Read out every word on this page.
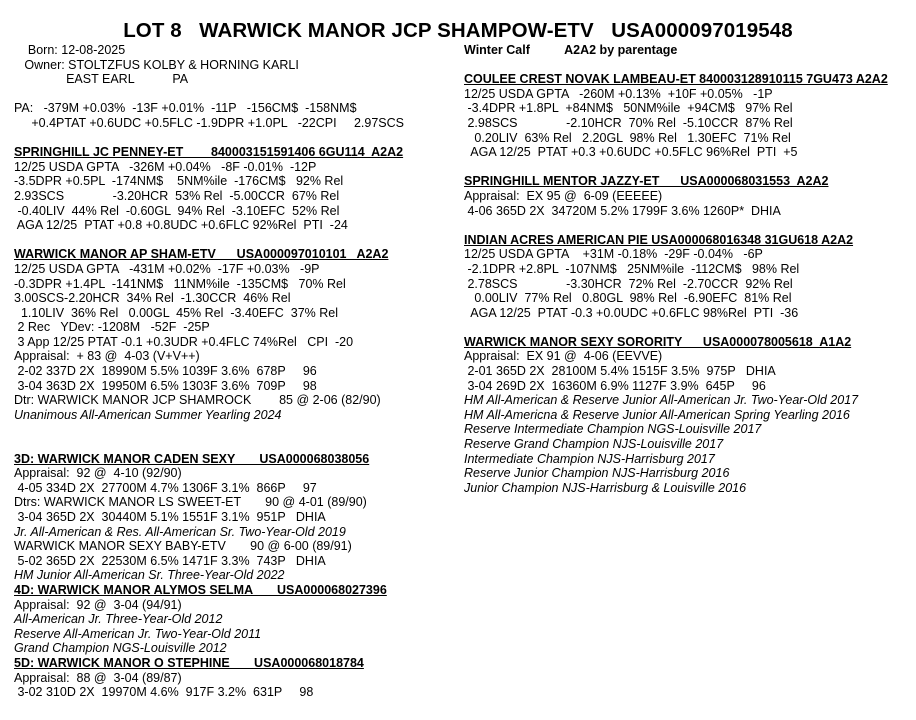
LOT 8   WARWICK MANOR JCP SHAMPOW-ETV   USA000097019548
Born: 12-08-2025
Owner: STOLTZFUS KOLBY & HORNING KARLI
EAST EARL           PA
PA:   -379M +0.03%  -13F +0.01%  -11P   -156CM$  -158NM$
+0.4PTAT +0.6UDC +0.5FLC -1.9DPR +1.0PL   -22CPI     2.97SCS
SPRINGHILL JC PENNEY-ET        840003151591406 6GU114  A2A2
12/25 USDA GPTA   -326M +0.04%   -8F -0.01%  -12P
-3.5DPR +0.5PL  -174NM$    5NM%ile  -176CM$   92% Rel
2.93SCS              -3.20HCR  53% Rel  -5.00CCR  67% Rel
-0.40LIV  44% Rel  -0.60GL  94% Rel  -3.10EFC  52% Rel
AGA 12/25  PTAT +0.8 +0.8UDC +0.6FLC 92%Rel  PTI  -24
WARWICK MANOR AP SHAM-ETV      USA000097010101   A2A2
12/25 USDA GPTA   -431M +0.02%  -17F +0.03%   -9P
-0.3DPR +1.4PL  -141NM$   11NM%ile  -135CM$   70% Rel
3.00SCS-2.20HCR  34% Rel  -1.30CCR  46% Rel
1.10LIV  36% Rel   0.00GL  45% Rel  -3.40EFC  37% Rel
2 Rec   YDev: -1208M   -52F  -25P
3 App 12/25 PTAT -0.1 +0.3UDR +0.4FLC 74%Rel   CPI  -20
Appraisal:  + 83 @  4-03 (V+V++)
2-02 337D 2X  18990M 5.5% 1039F 3.6%  678P     96
3-04 363D 2X  19950M 6.5% 1303F 3.6%  709P     98
Dtr: WARWICK MANOR JCP SHAMROCK        85 @ 2-06 (82/90)
Unanimous All-American Summer Yearling 2024
3D: WARWICK MANOR CADEN SEXY       USA000068038056
Appraisal:  92 @  4-10 (92/90)
4-05 334D 2X  27700M 4.7% 1306F 3.1%  866P     97
Dtrs: WARWICK MANOR LS SWEET-ET       90 @ 4-01 (89/90)
3-04 365D 2X  30440M 5.1% 1551F 3.1%  951P   DHIA
Jr. All-American & Res. All-American Sr. Two-Year-Old 2019
WARWICK MANOR SEXY BABY-ETV       90 @ 6-00 (89/91)
5-02 365D 2X  22530M 6.5% 1471F 3.3%  743P   DHIA
HM Junior All-American Sr. Three-Year-Old 2022
4D: WARWICK MANOR ALYMOS SELMA       USA000068027396
Appraisal:  92 @  3-04 (94/91)
All-American Jr. Three-Year-Old 2012
Reserve All-American Jr. Two-Year-Old 2011
Grand Champion NGS-Louisville 2012
5D: WARWICK MANOR O STEPHINE       USA000068018784
Appraisal:  88 @  3-04 (89/87)
3-02 310D 2X  19970M 4.6%  917F 3.2%  631P     98
Winter Calf          A2A2 by parentage
COULEE CREST NOVAK LAMBEAU-ET 840003128910115 7GU473 A2A2
12/25 USDA GPTA   -260M +0.13%  +10F +0.05%   -1P
-3.4DPR +1.8PL  +84NM$   50NM%ile  +94CM$   97% Rel
2.98SCS              -2.10HCR  70% Rel  -5.10CCR  87% Rel
0.20LIV  63% Rel   2.20GL  98% Rel   1.30EFC  71% Rel
AGA 12/25  PTAT +0.3 +0.6UDC +0.5FLC 96%Rel  PTI  +5
SPRINGHILL MENTOR JAZZY-ET      USA000068031553  A2A2
Appraisal:  EX 95 @  6-09 (EEEEE)
4-06 365D 2X  34720M 5.2% 1799F 3.6% 1260P*  DHIA
INDIAN ACRES AMERICAN PIE USA000068016348 31GU618 A2A2
12/25 USDA GPTA    +31M -0.18%  -29F -0.04%   -6P
-2.1DPR +2.8PL  -107NM$   25NM%ile  -112CM$   98% Rel
2.78SCS              -3.30HCR  72% Rel  -2.70CCR  92% Rel
0.00LIV  77% Rel   0.80GL  98% Rel  -6.90EFC  81% Rel
AGA 12/25  PTAT -0.3 +0.0UDC +0.6FLC 98%Rel  PTI  -36
WARWICK MANOR SEXY SORORITY      USA000078005618  A1A2
Appraisal:  EX 91 @  4-06 (EEVVE)
2-01 365D 2X  28100M 5.4% 1515F 3.5%  975P   DHIA
3-04 269D 2X  16360M 6.9% 1127F 3.9%  645P     96
HM All-American & Reserve Junior All-American Jr. Two-Year-Old 2017
HM All-Americna & Reserve Junior All-American Spring Yearling 2016
Reserve Intermediate Champion NGS-Louisville 2017
Reserve Grand Champion NJS-Louisville 2017
Intermediate Champion NJS-Harrisburg 2017
Reserve Junior Champion NJS-Harrisburg 2016
Junior Champion NJS-Harrisburg & Louisville 2016
